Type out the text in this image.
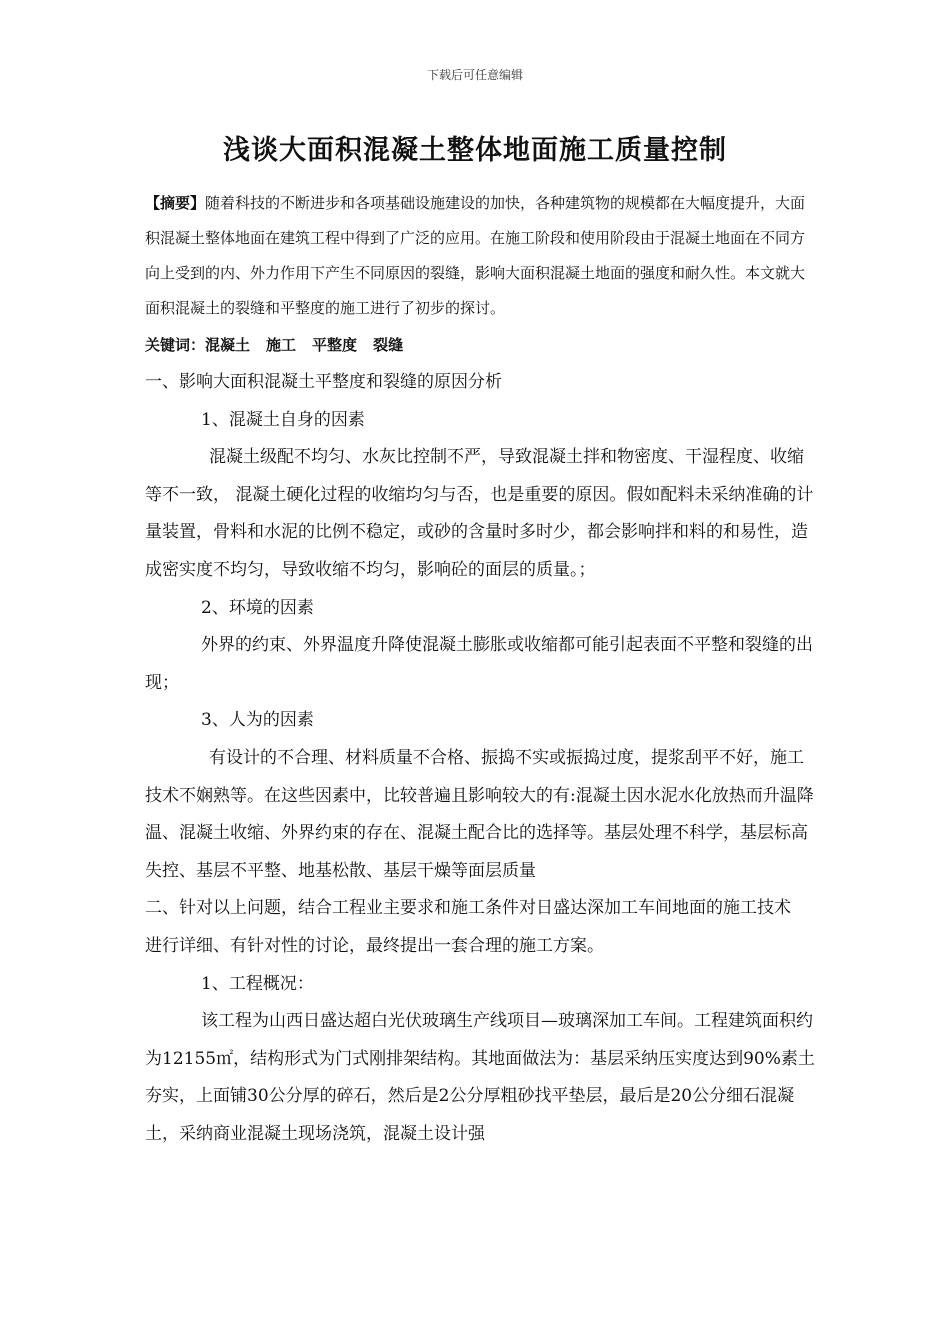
下载后可任意编辑
浅谈大面积混凝土整体地面施工质量控制
【摘要】随着科技的不断进步和各项基础设施建设的加快，各种建筑物的规模都在大幅度提升，大面积混凝土整体地面在建筑工程中得到了广泛的应用。在施工阶段和使用阶段由于混凝土地面在不同方向上受到的内、外力作用下产生不同原因的裂缝，影响大面积混凝土地面的强度和耐久性。本文就大面积混凝土的裂缝和平整度的施工进行了初步的探讨。
关键词：混凝土 施工 平整度 裂缝

一、影响大面积混凝土平整度和裂缝的原因分析

1、混凝土自身的因素

混凝土级配不均匀、水灰比控制不严，导致混凝土拌和物密度、干湿程度、收缩等不一致， 混凝土硬化过程的收缩均匀与否，也是重要的原因。假如配料未采纳准确的计量装置，骨料和水泥的比例不稳定，或砂的含量时多时少，都会影响拌和料的和易性，造成密实度不均匀，导致收缩不均匀，影响砼的面层的质量。；

2、环境的因素

外界的约束、外界温度升降使混凝土膨胀或收缩都可能引起表面不平整和裂缝的出现；

3、人为的因素

有设计的不合理、材料质量不合格、振捣不实或振捣过度，提浆刮平不好，施工技术不娴熟等。在这些因素中，比较普遍且影响较大的有:混凝土因水泥水化放热而升温降温、混凝土收缩、外界约束的存在、混凝土配合比的选择等。基层处理不科学，基层标高失控、基层不平整、地基松散、基层干燥等面层质量

二、针对以上问题，结合工程业主要求和施工条件对日盛达深加工车间地面的施工技术进行详细、有针对性的讨论，最终提出一套合理的施工方案。

1、工程概况：

该工程为山西日盛达超白光伏玻璃生产线项目—玻璃深加工车间。工程建筑面积约为12155㎡，结构形式为门式刚排架结构。其地面做法为：基层采纳压实度达到90%素土夯实，上面铺30公分厚的碎石，然后是2公分厚粗砂找平垫层，最后是20公分细石混凝土，采纳商业混凝土现场浇筑，混凝土设计强
